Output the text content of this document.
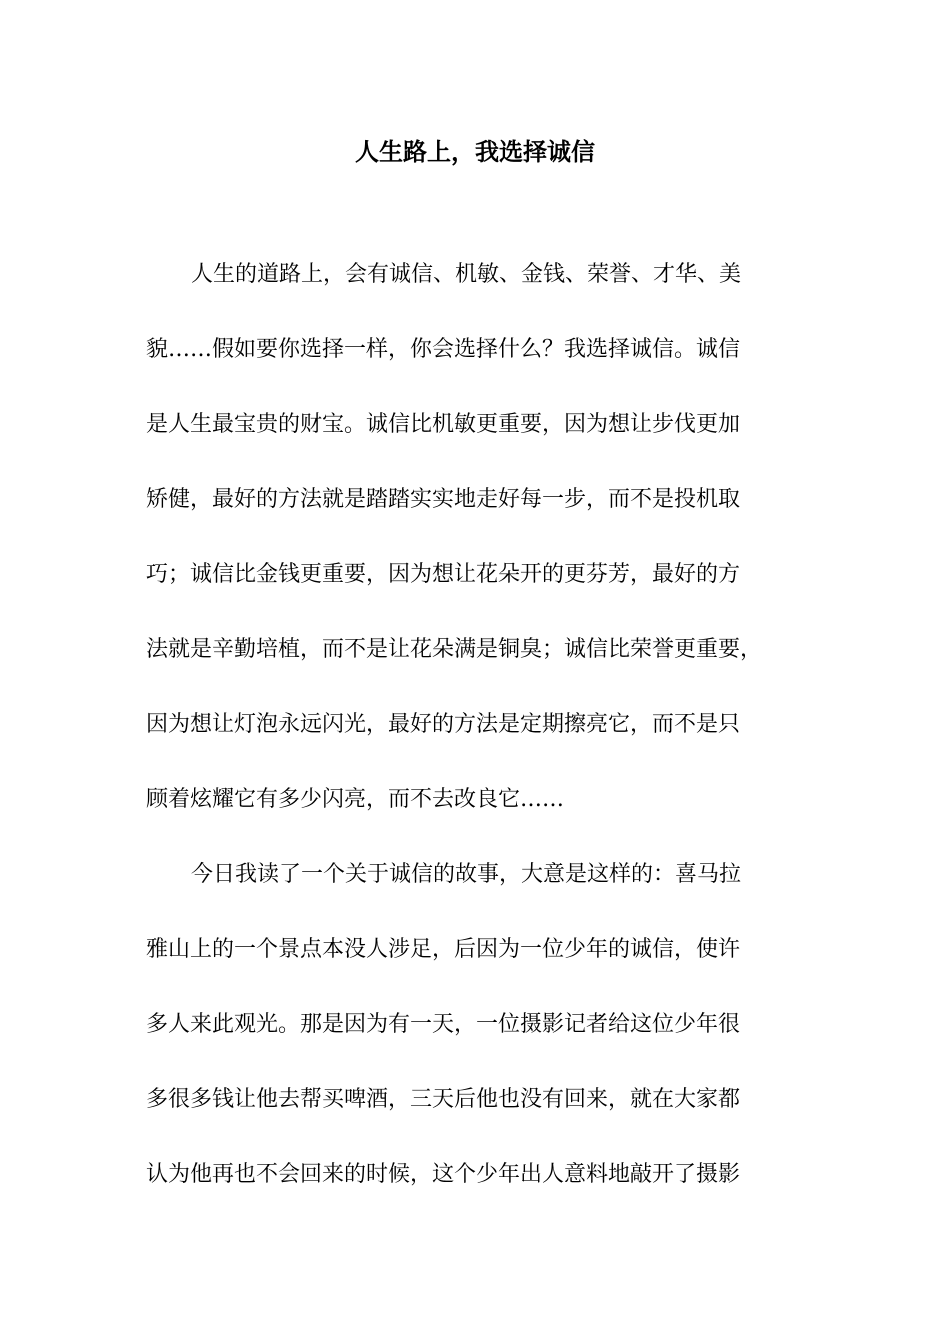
人生路上，我选择诚信

人生的道路上，会有诚信、机敏、金钱、荣誉、才华、美

貌……假如要你选择一样，你会选择什么？我选择诚信。诚信

是人生最宝贵的财宝。诚信比机敏更重要，因为想让步伐更加

矫健，最好的方法就是踏踏实实地走好每一步，而不是投机取

巧；诚信比金钱更重要，因为想让花朵开的更芬芳，最好的方

法就是辛勤培植，而不是让花朵满是铜臭；诚信比荣誉更重要，

因为想让灯泡永远闪光，最好的方法是定期擦亮它，而不是只

顾着炫耀它有多少闪亮，而不去改良它……

今日我读了一个关于诚信的故事，大意是这样的：喜马拉

雅山上的一个景点本没人涉足，后因为一位少年的诚信，使许

多人来此观光。那是因为有一天，一位摄影记者给这位少年很

多很多钱让他去帮买啤酒，三天后他也没有回来，就在大家都

认为他再也不会回来的时候，这个少年出人意料地敲开了摄影
